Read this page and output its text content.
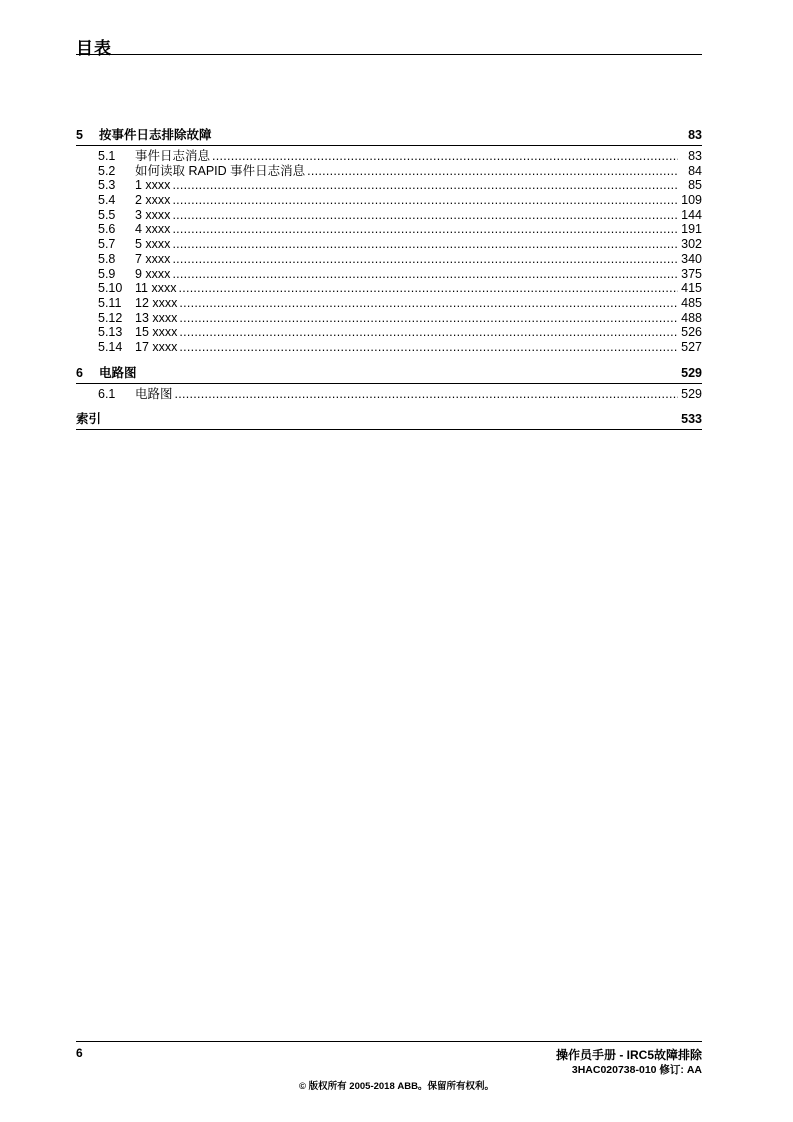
目表
5	按事件日志排除故障	83
5.1	事件日志消息 . . .	83
5.2	如何读取 RAPID 事件日志消息 . . .	84
5.3	1 xxxx . . .	85
5.4	2 xxxx . . .	109
5.5	3 xxxx . . .	144
5.6	4 xxxx . . .	191
5.7	5 xxxx . . .	302
5.8	7 xxxx . . .	340
5.9	9 xxxx . . .	375
5.10	11 xxxx . . .	415
5.11	12 xxxx . . .	485
5.12	13 xxxx . . .	488
5.13	15 xxxx . . .	526
5.14	17 xxxx . . .	527
6	电路图	529
6.1	电路图 . . .	529
索引	533
6	操作员手册 - IRC5故障排除
3HAC020738-010 修订: AA
© 版权所有 2005-2018 ABB。保留所有权利。
